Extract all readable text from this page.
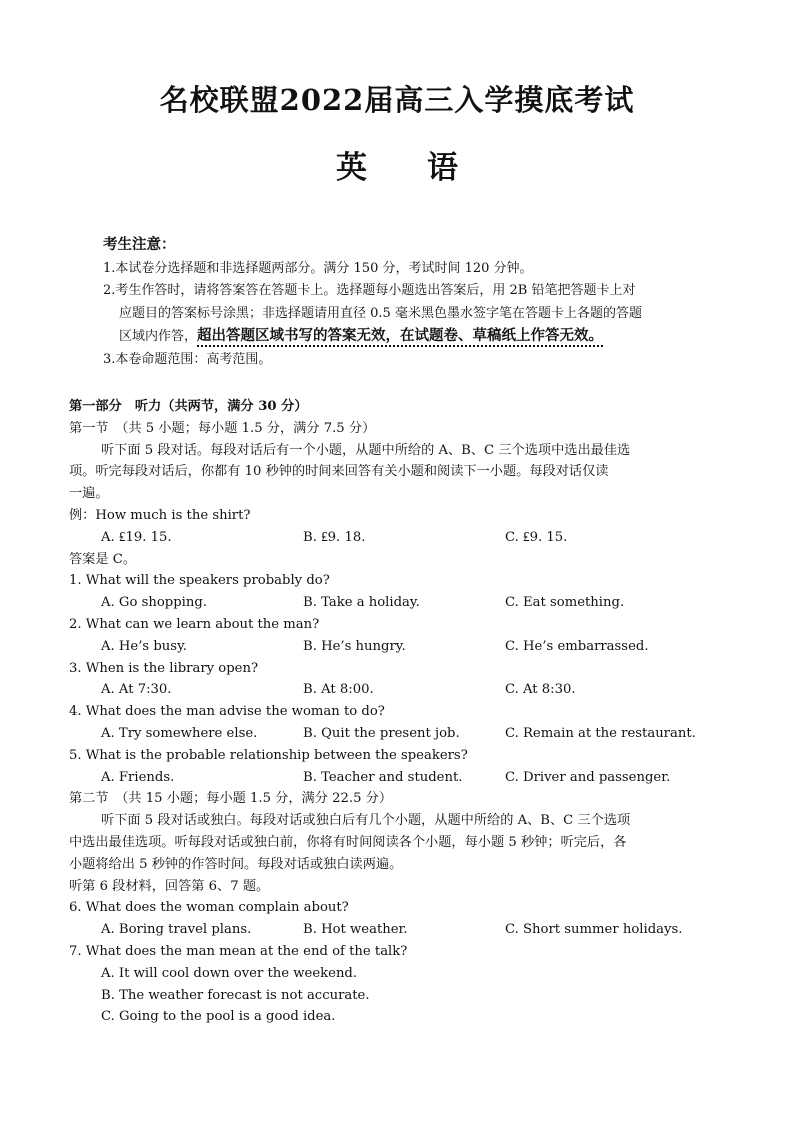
名校联盟2022届高三入学摸底考试
英语
考生注意：
1.本试卷分选择题和非选择题两部分。满分 150 分，考试时间 120 分钟。
2.考生作答时，请将答案答在答题卡上。选择题每小题选出答案后，用 2B 铅笔把答题卡上对
应题目的答案标号涂黑；非选择题请用直径 0.5 毫米黑色墨水签字笔在答题卡上各题的答题
区域内作答，超出答题区域书写的答案无效，在试题卷、草稿纸上作答无效。
3.本卷命题范围：高考范围。
第一部分　听力（共两节，满分 30 分）
第一节　（共 5 小题；每小题 1.5 分，满分 7.5 分）
听下面 5 段对话。每段对话后有一个小题，从题中所给的 A、B、C 三个选项中选出最佳选
项。听完每段对话后，你都有 10 秒钟的时间来回答有关小题和阅读下一小题。每段对话仅读
一遍。
例：How much is the shirt?
A. ₤19. 15.	B. ₤9. 18.	C. ₤9. 15.
答案是 C。
1. What will the speakers probably do?
A. Go shopping.	B. Take a holiday.	C. Eat something.
2. What can we learn about the man?
A. He’s busy.	B. He’s hungry.	C. He’s embarrassed.
3. When is the library open?
A. At 7:30.	B. At 8:00.	C. At 8:30.
4. What does the man advise the woman to do?
A. Try somewhere else.	B. Quit the present job.	C. Remain at the restaurant.
5. What is the probable relationship between the speakers?
A. Friends.	B. Teacher and student.	C. Driver and passenger.
第二节　（共 15 小题；每小题 1.5 分，满分 22.5 分）
听下面 5 段对话或独白。每段对话或独白后有几个小题，从题中所给的 A、B、C 三个选项
中选出最佳选项。听每段对话或独白前，你将有时间阅读各个小题，每小题 5 秒钟；听完后，各
小题将给出 5 秒钟的作答时间。每段对话或独白读两遍。
听第 6 段材料，回答第 6、7 题。
6. What does the woman complain about?
A. Boring travel plans.	B. Hot weather.	C. Short summer holidays.
7. What does the man mean at the end of the talk?
A. It will cool down over the weekend.
B. The weather forecast is not accurate.
C. Going to the pool is a good idea.
